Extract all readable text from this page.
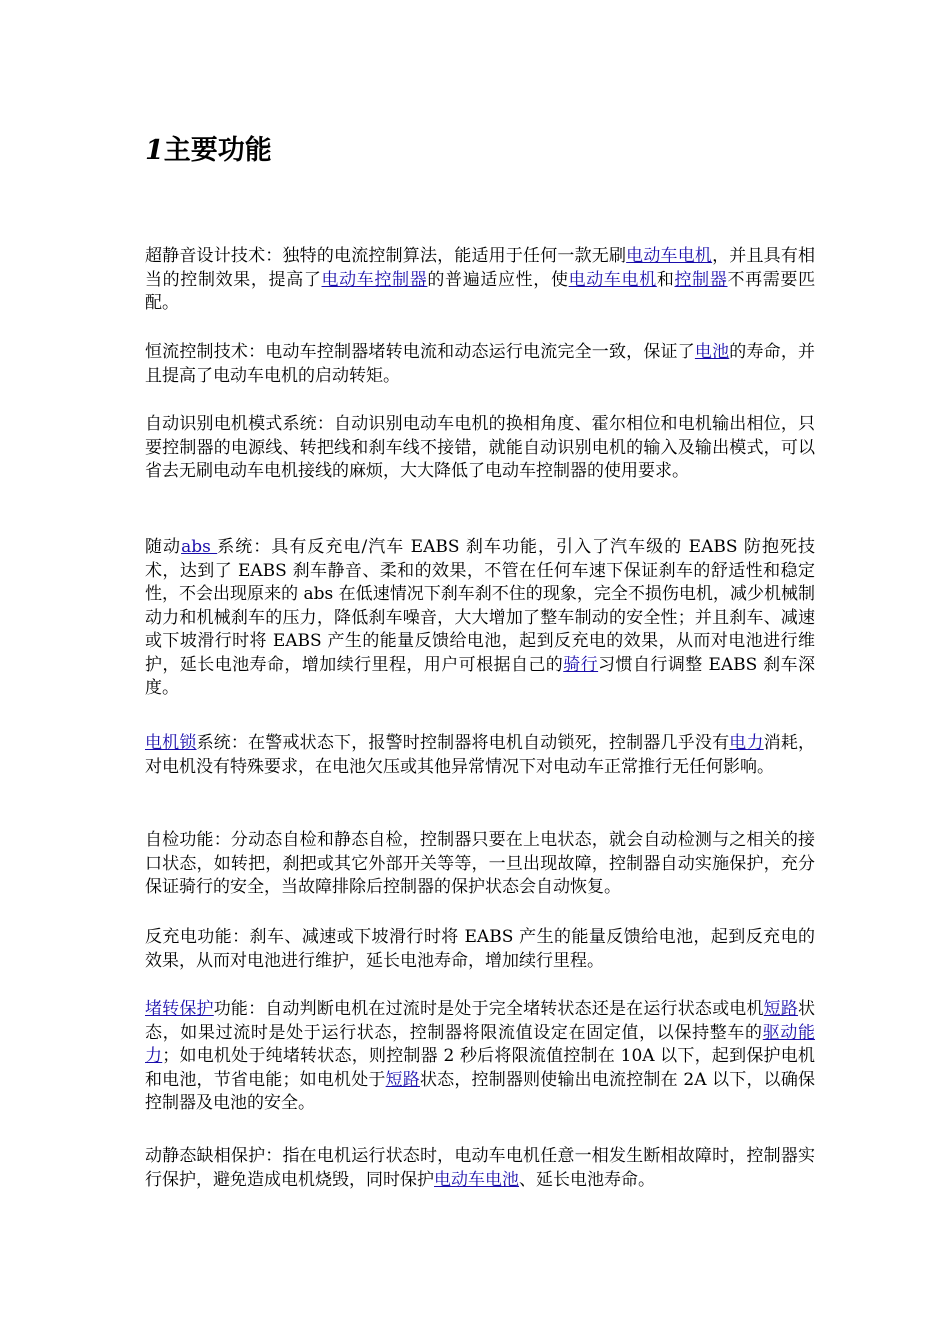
1主要功能

超静音设计技术：独特的电流控制算法，能适用于任何一款无刷电动车电机，并且具有相当的控制效果，提高了电动车控制器的普遍适应性，使电动车电机和控制器不再需要匹配。

恒流控制技术：电动车控制器堵转电流和动态运行电流完全一致，保证了电池的寿命，并且提高了电动车电机的启动转矩。

自动识别电机模式系统：自动识别电动车电机的换相角度、霍尔相位和电机输出相位，只要控制器的电源线、转把线和刹车线不接错，就能自动识别电机的输入及输出模式，可以省去无刷电动车电机接线的麻烦，大大降低了电动车控制器的使用要求。

随动abs 系统：具有反充电/汽车 EABS 刹车功能，引入了汽车级的 EABS 防抱死技术，达到了 EABS 刹车静音、柔和的效果，不管在任何车速下保证刹车的舒适性和稳定性，不会出现原来的 abs 在低速情况下刹车刹不住的现象，完全不损伤电机，减少机械制动力和机械刹车的压力，降低刹车噪音，大大增加了整车制动的安全性；并且刹车、减速或下坡滑行时将 EABS 产生的能量反馈给电池，起到反充电的效果，从而对电池进行维护，延长电池寿命，增加续行里程，用户可根据自己的骑行习惯自行调整 EABS 刹车深度。

电机锁系统：在警戒状态下，报警时控制器将电机自动锁死，控制器几乎没有电力消耗，对电机没有特殊要求，在电池欠压或其他异常情况下对电动车正常推行无任何影响。

自检功能：分动态自检和静态自检，控制器只要在上电状态，就会自动检测与之相关的接口状态，如转把，刹把或其它外部开关等等，一旦出现故障，控制器自动实施保护，充分保证骑行的安全，当故障排除后控制器的保护状态会自动恢复。

反充电功能：刹车、减速或下坡滑行时将 EABS 产生的能量反馈给电池，起到反充电的效果，从而对电池进行维护，延长电池寿命，增加续行里程。

堵转保护功能：自动判断电机在过流时是处于完全堵转状态还是在运行状态或电机短路状态，如果过流时是处于运行状态，控制器将限流值设定在固定值，以保持整车的驱动能力；如电机处于纯堵转状态，则控制器 2 秒后将限流值控制在 10A 以下，起到保护电机和电池，节省电能；如电机处于短路状态，控制器则使输出电流控制在 2A 以下，以确保控制器及电池的安全。

动静态缺相保护：指在电机运行状态时，电动车电机任意一相发生断相故障时，控制器实行保护，避免造成电机烧毁，同时保护电动车电池、延长电池寿命。
